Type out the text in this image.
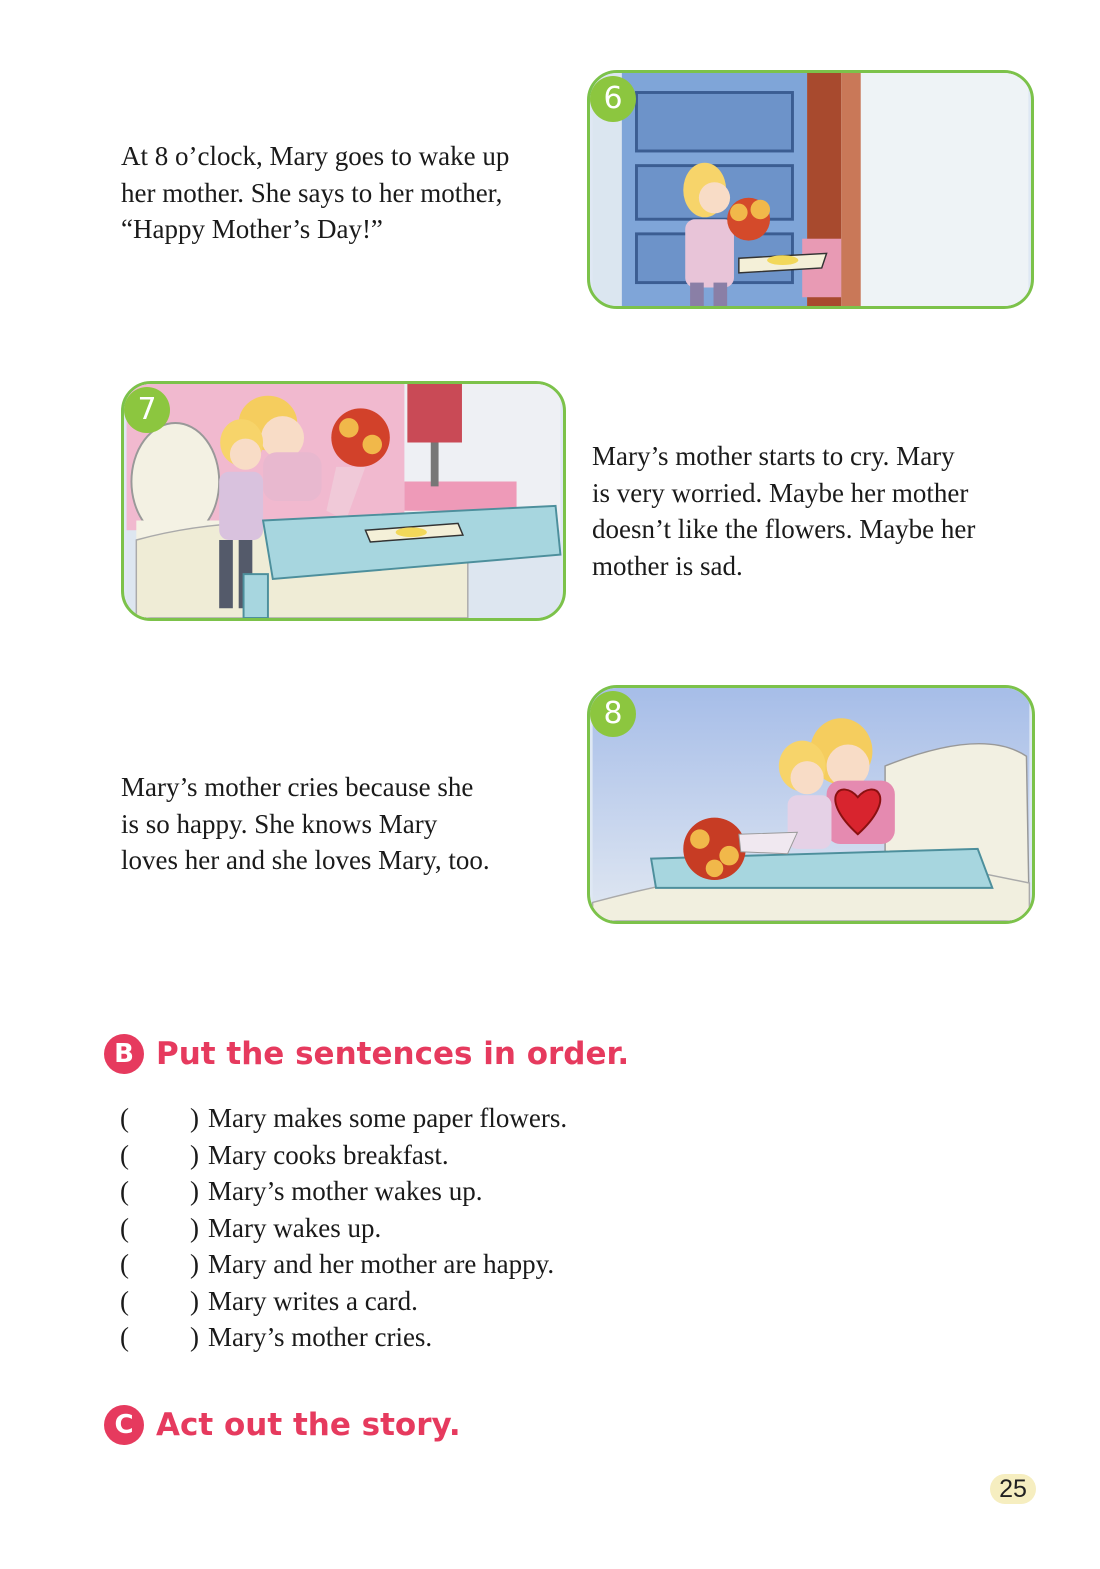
At 8 o’clock, Mary goes to wake up
her mother. She says to her mother,
“Happy Mother’s Day!”
6
7
Mary’s mother starts to cry. Mary
is very worried. Maybe her mother
doesn’t like the flowers. Maybe her
mother is sad.
Mary’s mother cries because she
is so happy. She knows Mary
loves her and she loves Mary, too.
8
B Put the sentences in order.
( ) Mary makes some paper flowers.
( ) Mary cooks breakfast.
( ) Mary’s mother wakes up.
( ) Mary wakes up.
( ) Mary and her mother are happy.
( ) Mary writes a card.
( ) Mary’s mother cries.
C Act out the story.
25
